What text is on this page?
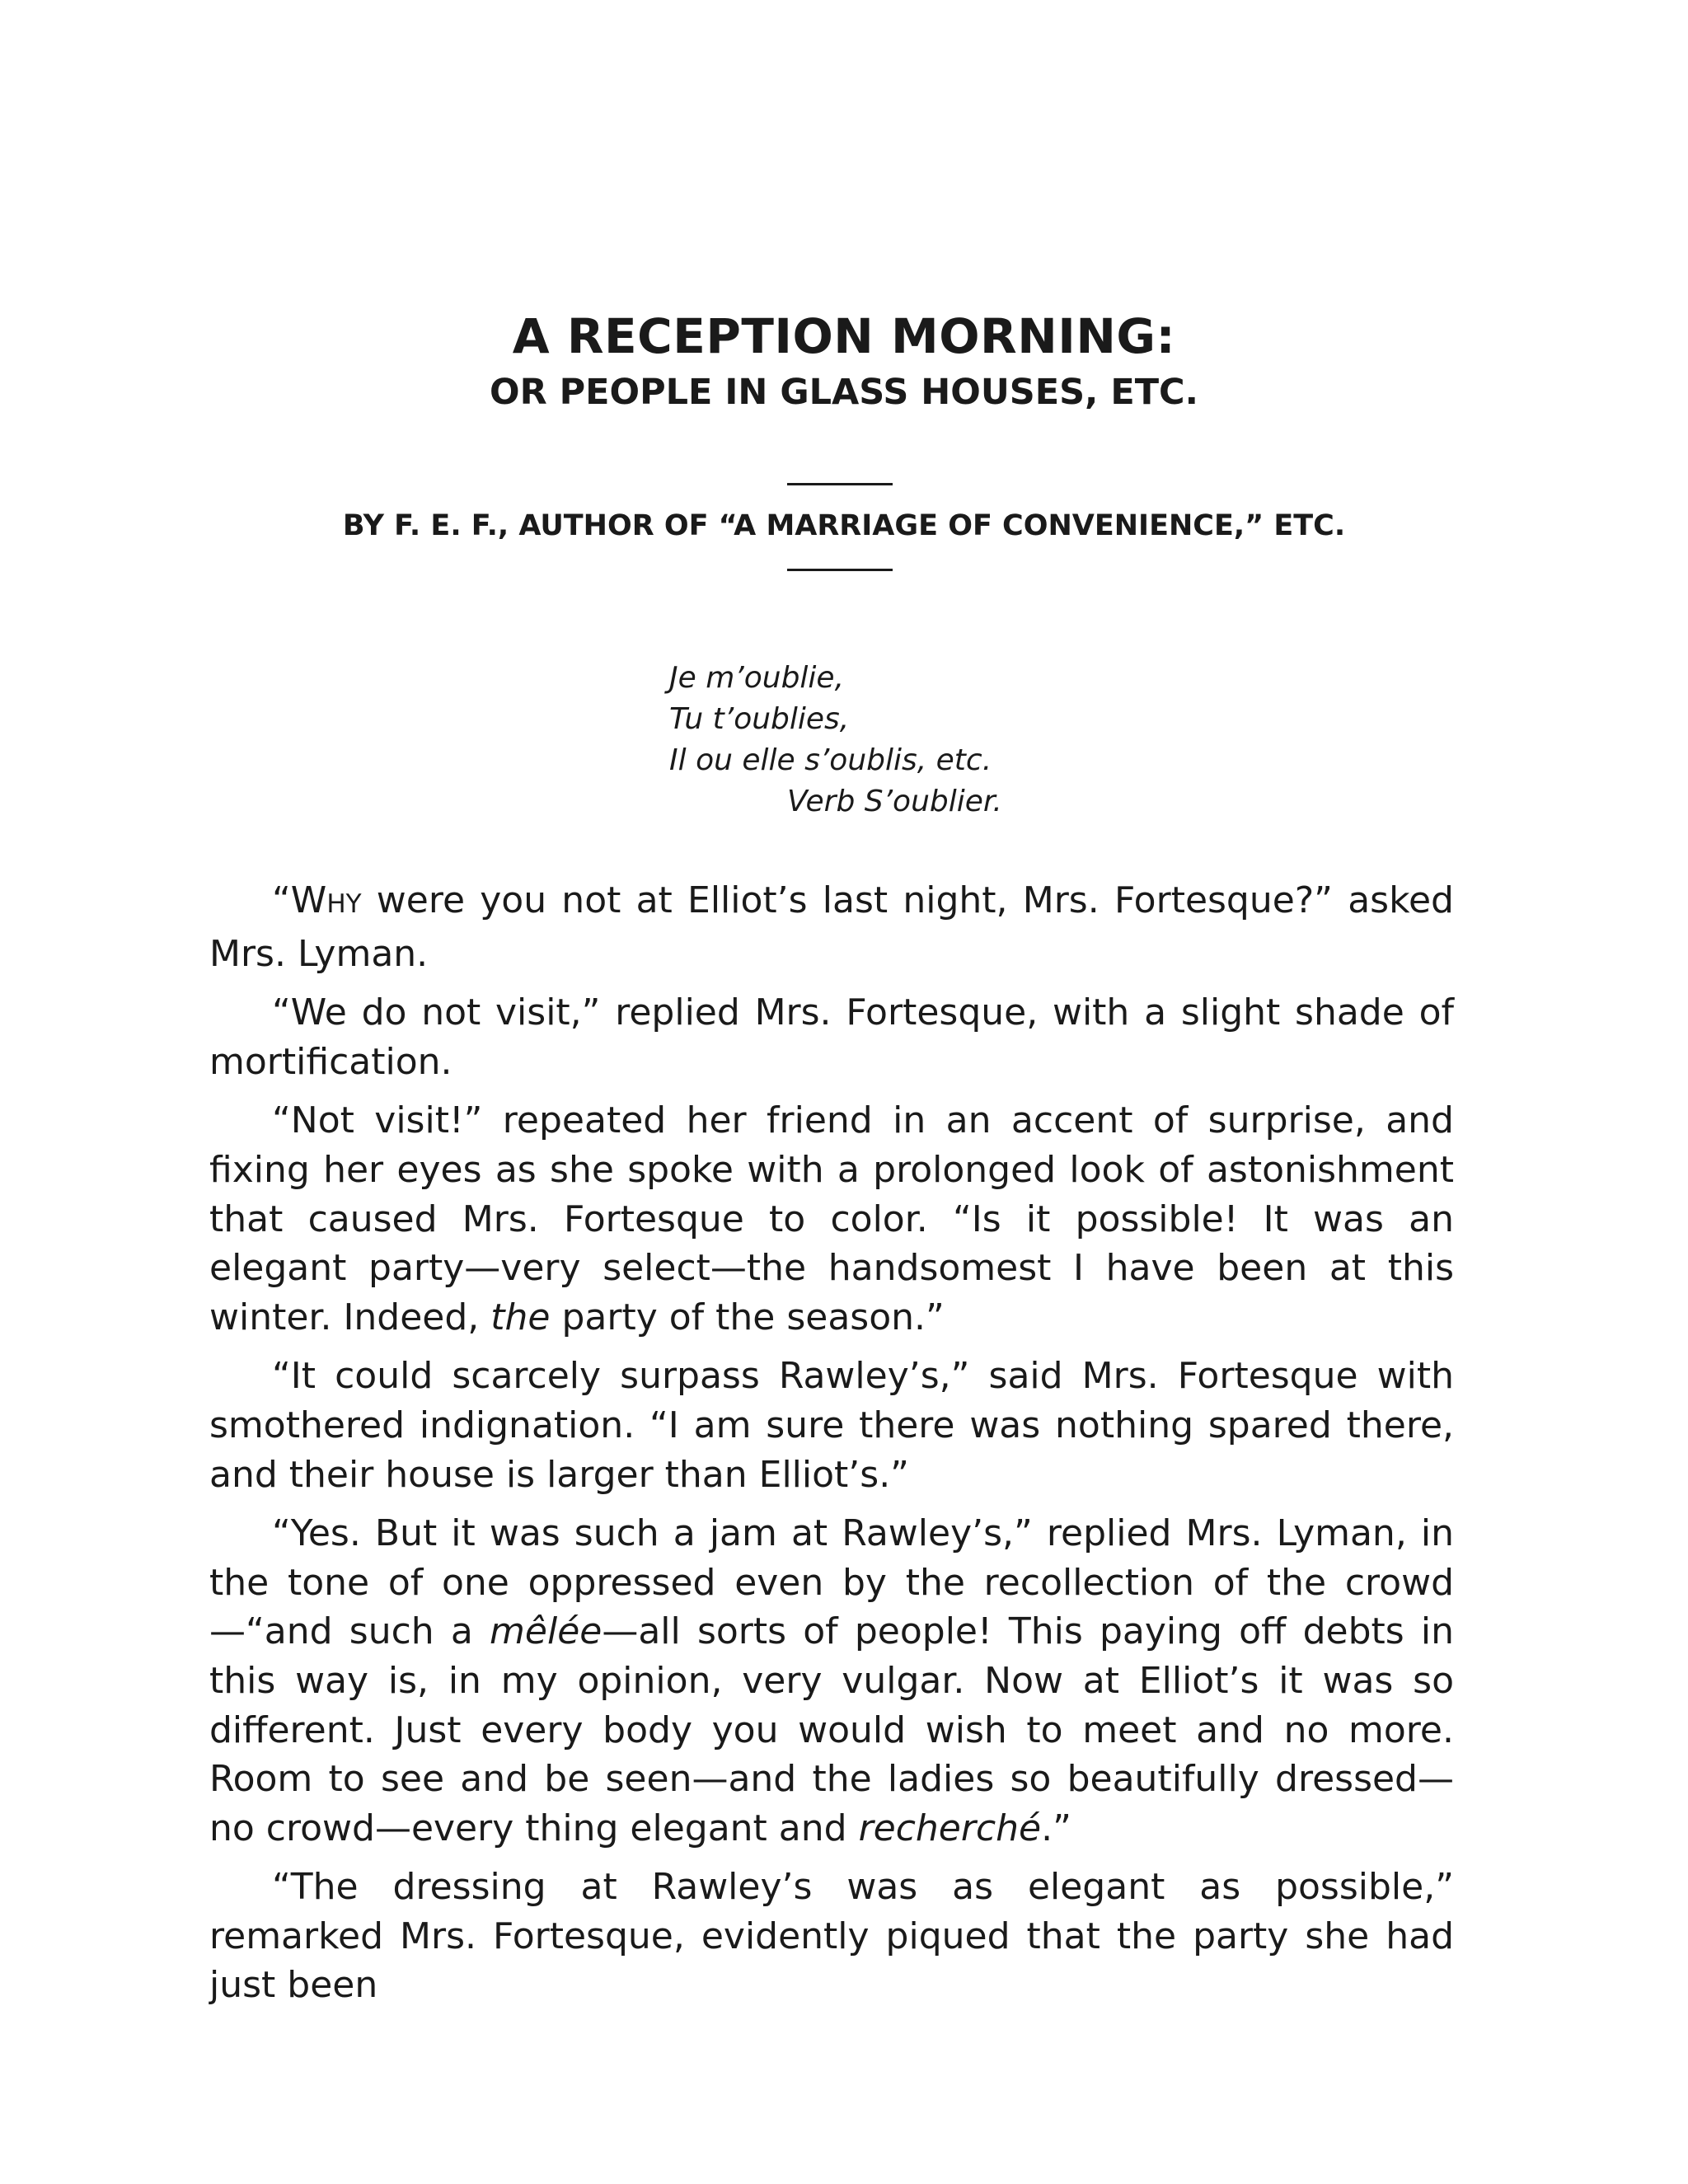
A RECEPTION MORNING:
OR PEOPLE IN GLASS HOUSES, ETC.
BY F. E. F., AUTHOR OF “A MARRIAGE OF CONVENIENCE,” ETC.
Je m’oublie,
Tu t’oublies,
Il ou elle s’oublis, etc.
Verb S’oublier.

“WHY were you not at Elliot’s last night, Mrs. Fortesque?” asked Mrs. Lyman.

“We do not visit,” replied Mrs. Fortesque, with a slight shade of mortification.

“Not visit!” repeated her friend in an accent of surprise, and fixing her eyes as she spoke with a prolonged look of astonishment that caused Mrs. Fortesque to color. “Is it possible! It was an elegant party—very select—the handsomest I have been at this winter. Indeed, the party of the season.”

“It could scarcely surpass Rawley’s,” said Mrs. Fortesque with smothered indignation. “I am sure there was nothing spared there, and their house is larger than Elliot’s.”

“Yes. But it was such a jam at Rawley’s,” replied Mrs. Lyman, in the tone of one oppressed even by the recollection of the crowd —“and such a mêlée—all sorts of people! This paying off debts in this way is, in my opinion, very vulgar. Now at Elliot’s it was so different. Just every body you would wish to meet and no more. Room to see and be seen—and the ladies so beautifully dressed—no crowd—every thing elegant and recherché.”

“The dressing at Rawley’s was as elegant as possible,” remarked Mrs. Fortesque, evidently piqued that the party she had just been
